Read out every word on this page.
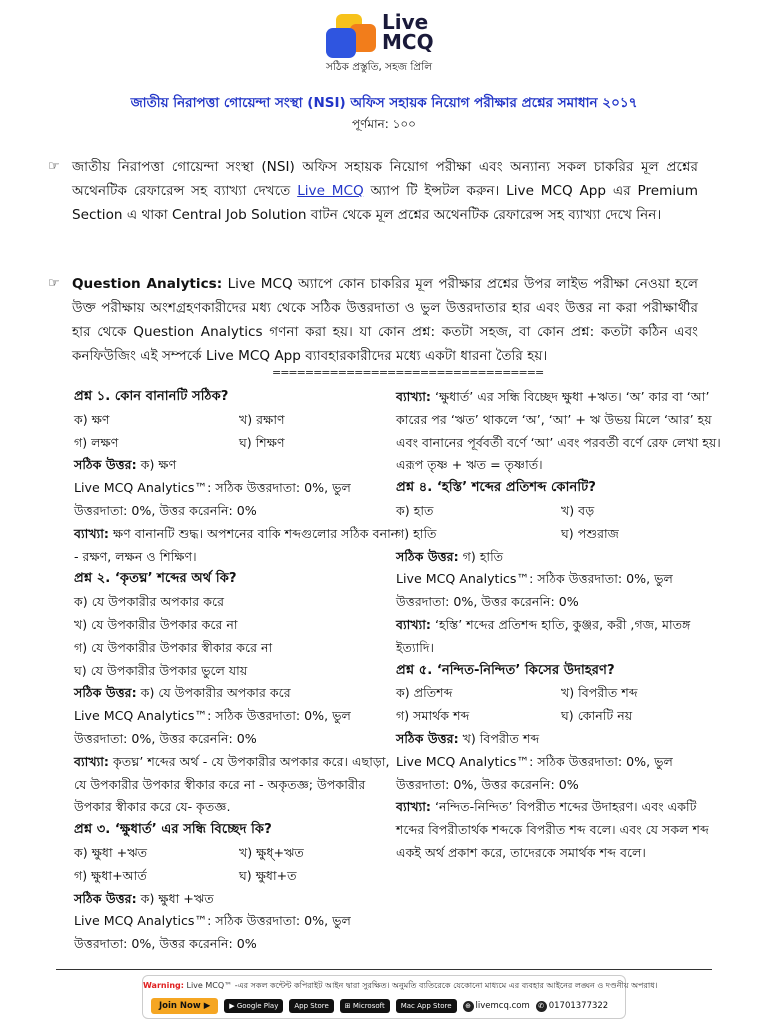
Live
MCQ
সঠিক প্রস্তুতি, সহজ প্রিলি
জাতীয় নিরাপত্তা গোয়েন্দা সংস্থা (NSI) অফিস সহায়ক নিয়োগ পরীক্ষার প্রশ্নের সমাধান ২০১৭
পূর্ণমান: ১০০
☞ জাতীয় নিরাপত্তা গোয়েন্দা সংস্থা (NSI) অফিস সহায়ক নিয়োগ পরীক্ষা এবং অন্যান্য সকল চাকরির মূল প্রশ্নের অথেনটিক রেফারেন্স সহ ব্যাখ্যা দেখতে Live MCQ অ্যাপ টি ইন্সটল করুন। Live MCQ App এর Premium Section এ থাকা Central Job Solution বাটন থেকে মূল প্রশ্নের অথেনটিক রেফারেন্স সহ ব্যাখ্যা দেখে নিন।
☞ Question Analytics: Live MCQ অ্যাপে কোন চাকরির মূল পরীক্ষার প্রশ্নের উপর লাইভ পরীক্ষা নেওয়া হলে উক্ত পরীক্ষায় অংশগ্রহণকারীদের মধ্য থেকে সঠিক উত্তরদাতা ও ভুল উত্তরদাতার হার এবং উত্তর না করা পরীক্ষার্থীর হার থেকে Question Analytics গণনা করা হয়। যা কোন প্রশ্ন: কতটা সহজ, বা কোন প্রশ্ন: কতটা কঠিন এবং কনফিউজিং এই সম্পর্কে Live MCQ App ব্যাবহারকারীদের মধ্যে একটা ধারনা তৈরি হয়।
=================================
প্রশ্ন ১. কোন বানানটি সঠিক?
ক) ক্ষণ	খ) রক্ষাণ
গ) লক্ষণ	ঘ) শিক্ষণ
সঠিক উত্তর: ক) ক্ষণ
Live MCQ Analytics™: সঠিক উত্তরদাতা: 0%, ভুল উত্তরদাতা: 0%, উত্তর করেননি: 0%
ব্যাখ্যা: ক্ষণ বানানটি শুদ্ধ। অপশনের বাকি শব্দগুলোর সঠিক বনান - রক্ষণ, লক্ষন ও শিক্ষিণ।
প্রশ্ন ২. ‘কৃতঘ্ন’ শব্দের অর্থ কি?
ক) যে উপকারীর অপকার করে
খ) যে উপকারীর উপকার করে না
গ) যে উপকারীর উপকার স্বীকার করে না
ঘ) যে উপকারীর উপকার ভুলে যায়
সঠিক উত্তর: ক) যে উপকারীর অপকার করে
Live MCQ Analytics™: সঠিক উত্তরদাতা: 0%, ভুল উত্তরদাতা: 0%, উত্তর করেননি: 0%
ব্যাখ্যা: কৃতঘ্ন’ শব্দের অর্থ - যে উপকারীর অপকার করে। এছাড়া, যে উপকারীর উপকার স্বীকার করে না - অকৃতজ্ঞ; উপকারীর উপকার স্বীকার করে যে- কৃতজ্ঞ.
প্রশ্ন ৩. ‘ক্ষুধার্ত’ এর সন্ধি বিচ্ছেদ কি?
ক) ক্ষুধা +ঋত	খ) ক্ষুধ্‌+ঋত
গ) ক্ষুধা+আর্ত	ঘ) ক্ষুধা+ত
সঠিক উত্তর: ক) ক্ষুধা +ঋত
Live MCQ Analytics™: সঠিক উত্তরদাতা: 0%, ভুল উত্তরদাতা: 0%, উত্তর করেননি: 0%
ব্যাখ্যা: ‘ক্ষুধার্ত’ এর সন্ধি বিচ্ছেদ ক্ষুধা +ঋত। ‘অ’ কার বা ‘আ’ কারের পর ‘ঋত’ থাকলে ‘অ’, ‘আ’ + ঋ উভয় মিলে ‘আর’ হয় এবং বানানের পূর্ববর্তী বর্ণে ‘আ’ এবং পরবর্তী বর্ণে রেফ লেখা হয়। এরূপ তৃষ্ণ + ঋত = তৃষ্ণার্ত।
প্রশ্ন ৪. ‘হস্তি’ শব্দের প্রতিশব্দ কোনটি?
ক) হাত	খ) বড়
গ) হাতি	ঘ) পশুরাজ
সঠিক উত্তর: গ) হাতি
Live MCQ Analytics™: সঠিক উত্তরদাতা: 0%, ভুল উত্তরদাতা: 0%, উত্তর করেননি: 0%
ব্যাখ্যা: ‘হস্তি’ শব্দের প্রতিশব্দ হাতি, কুঞ্জর, করী ,গজ, মাতঙ্গ ইত্যাদি।
প্রশ্ন ৫. ‘নন্দিত-নিন্দিত’ কিসের উদাহরণ?
ক) প্রতিশব্দ	খ) বিপরীত শব্দ
গ) সমার্থক শব্দ	ঘ) কোনটি নয়
সঠিক উত্তর: খ) বিপরীত শব্দ
Live MCQ Analytics™: সঠিক উত্তরদাতা: 0%, ভুল উত্তরদাতা: 0%, উত্তর করেননি: 0%
ব্যাখ্যা: ‘নন্দিত-নিন্দিত’ বিপরীত শব্দের উদাহরণ। এবং একটি শব্দের বিপরীতার্থক শব্দকে বিপরীত শব্দ বলে। এবং যে সকল শব্দ একই অর্থ প্রকাশ করে, তাদেরকে সমার্থক শব্দ বলে।
Warning: Live MCQ™ -এর সকল কন্টেন্ট কপিরাইট আইন দ্বারা সুরক্ষিত। অনুমতি ব্যতিরেকে যেকোনো মাধ্যমে এর ব্যবহার আইনের লঙ্ঘন ও দণ্ডনীয় অপরাধ।
Join Now ▶	▶ Google Play	App Store	⊞ Microsoft	Mac App Store	⊕ livemcq.com	✆ 01701377322
